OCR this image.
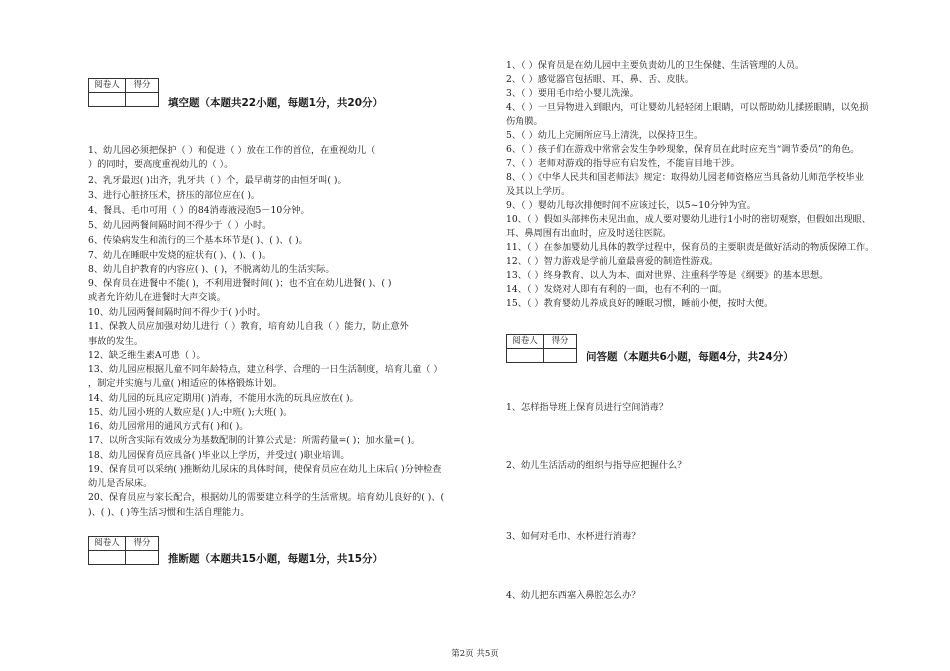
阅卷人	得分

填空题（本题共22小题，每题1分，共20分）
1、幼儿园必须把保护（ ）和促进（ ）放在工作的首位，在重视幼儿（
）的同时，要高度重视幼儿的（ ）。
2、乳牙最迟( )出齐，乳牙共（ ）个，最早萌芽的由恒牙叫( )。
3、进行心脏挤压术，挤压的部位应在( )。
4、餐具、毛巾可用（ ）的84消毒液浸泡5－10分钟。
5、幼儿园两餐间隔时间不得少于（ ）小时。
6、传染病发生和流行的三个基本环节是( )、( )、( )。
7、幼儿在睡眠中发烧的症状有( )、( )、( )。
8、幼儿自护教育的内容应( )、( )，不脱离幼儿的生活实际。
9、保育员在进餐中不能( )，不利用进餐时间( )；也不宜在幼儿进餐( )、( )
或者允许幼儿在进餐时大声交谈。
10、幼儿园两餐间隔时间不得少于( )小时。
11、保教人员应加强对幼儿进行（ ）教育，培育幼儿自我（ ）能力，防止意外
事故的发生。
12、缺乏维生素A可患（ ）。
13、幼儿园应根据儿童不同年龄特点，建立科学、合理的一日生活制度，培育儿童（ ）
，制定并实施与儿童( )相适应的体格锻炼计划。
14、幼儿园的玩具应定期用( )消毒，不能用水洗的玩具应放在( )。
15、幼儿园小班的人数应是( )人;中班( );大班( )。
16、幼儿园常用的通风方式有( )和( )。
17、以所含实际有效成分为基数配制的计算公式是：所需药量=( )；加水量=( )。
18、幼儿园保育员应具备( )毕业以上学历，并受过( )职业培训。
19、保育员可以采纳( )推断幼儿尿床的具体时间，使保育员应在幼儿上床后( )分钟检查
幼儿是否尿床。
20、保育员应与家长配合，根据幼儿的需要建立科学的生活常规。培育幼儿良好的( )、(
)、( )、( )等生活习惯和生活自理能力。
阅卷人	得分

推断题（本题共15小题，每题1分，共15分）
1、（ ）保育员是在幼儿园中主要负责幼儿的卫生保健、生活管理的人员。
2、（ ）感觉器官包括眼、耳、鼻、舌、皮肤。
3、（ ）要用毛巾给小婴儿洗澡。
4、（ ）一旦异物进入到眼内，可让婴幼儿轻轻闭上眼睛，可以帮助幼儿揉搓眼睛，以免损
伤角膜。
5、（ ）幼儿上完厕所应马上清洗，以保持卫生。
6、（ ）孩子们在游戏中常常会发生争吵现象，保育员在此时应充当“调节委员”的角色。
7、（ ）老师对游戏的指导应有启发性，不能盲目地干涉。
8、（ ）《中华人民共和国老师法》规定：取得幼儿园老师资格应当具备幼儿师范学校毕业
及其以上学历。
9、（ ）婴幼儿每次排便时间不应该过长，以5~10分钟为宜。
10、（ ）假如头部摔伤未见出血，成人要对婴幼儿进行1小时的密切观察，但假如出现眼、
耳、鼻周围有出血时，应及时送往医院。
11、（ ）在参加婴幼儿具体的教学过程中，保育员的主要职责是做好活动的物质保障工作。
12、（ ）智力游戏是学前儿童最喜爱的制造性游戏。
13、（ ）终身教育、以人为本、面对世界、注重科学等是《纲要》的基本思想。
14、（ ）发烧对人即有有利的一面，也有不利的一面。
15、（ ）教育婴幼儿养成良好的睡眠习惯，睡前小便，按时大便。
阅卷人	得分

问答题（本题共6小题，每题4分，共24分）
1、怎样指导班上保育员进行空间消毒？
2、幼儿生活活动的组织与指导应把握什么？
3、如何对毛巾、水杯进行消毒？
4、幼儿把东西塞入鼻腔怎么办？
第2页 共5页
